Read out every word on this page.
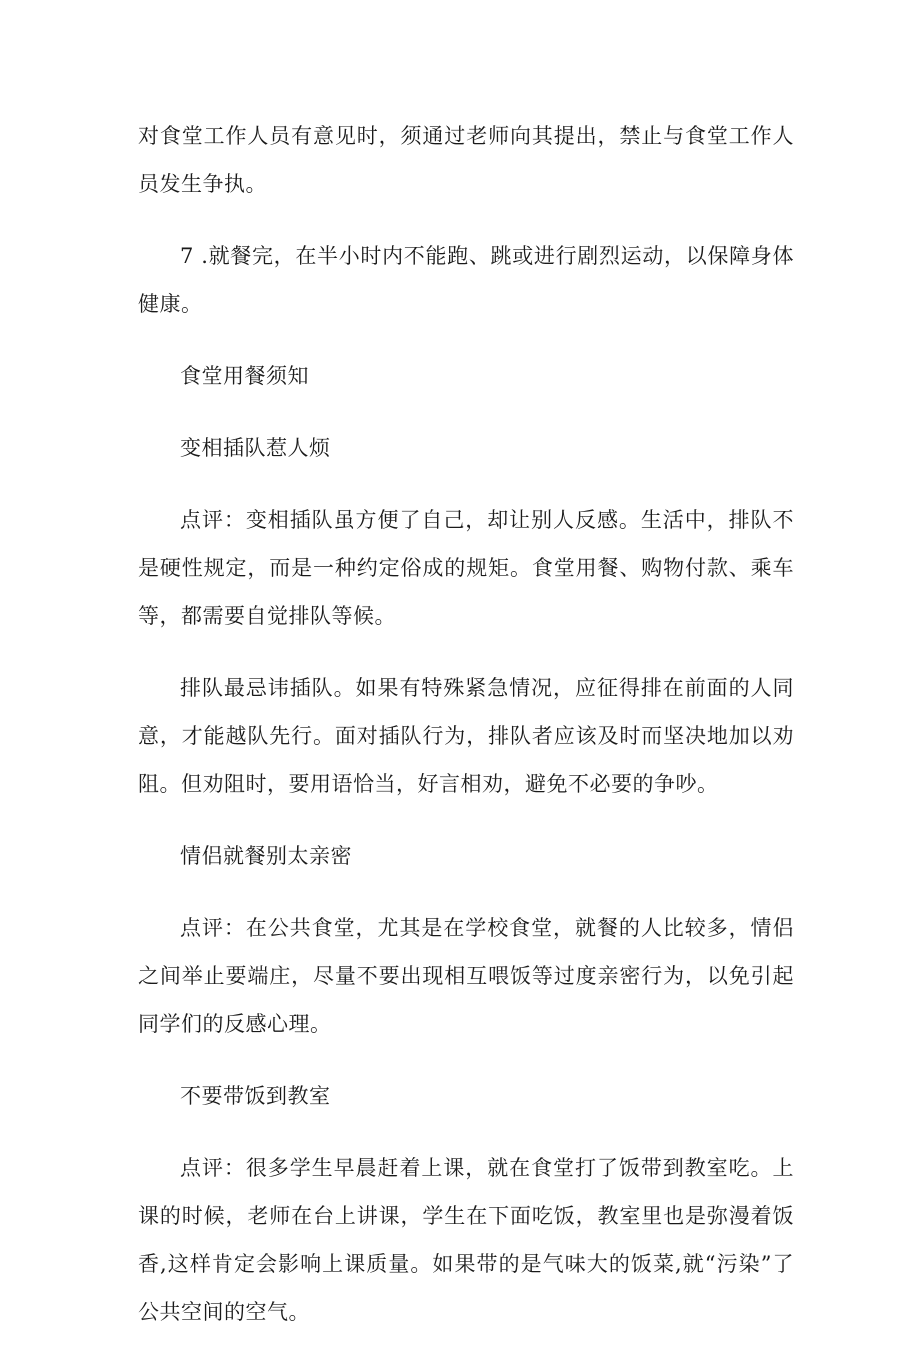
对食堂工作人员有意见时，须通过老师向其提出，禁止与食堂工作人员发生争执。

7 .就餐完，在半小时内不能跑、跳或进行剧烈运动，以保障身体健康。

食堂用餐须知

变相插队惹人烦

点评：变相插队虽方便了自己，却让别人反感。生活中，排队不是硬性规定，而是一种约定俗成的规矩。食堂用餐、购物付款、乘车等，都需要自觉排队等候。

排队最忌讳插队。如果有特殊紧急情况，应征得排在前面的人同意，才能越队先行。面对插队行为，排队者应该及时而坚决地加以劝阻。但劝阻时，要用语恰当，好言相劝，避免不必要的争吵。

情侣就餐别太亲密

点评：在公共食堂，尤其是在学校食堂，就餐的人比较多，情侣之间举止要端庄，尽量不要出现相互喂饭等过度亲密行为，以免引起同学们的反感心理。

不要带饭到教室

点评：很多学生早晨赶着上课，就在食堂打了饭带到教室吃。上课的时候，老师在台上讲课，学生在下面吃饭，教室里也是弥漫着饭香,这样肯定会影响上课质量。如果带的是气味大的饭菜,就“污染”了公共空间的空气。
